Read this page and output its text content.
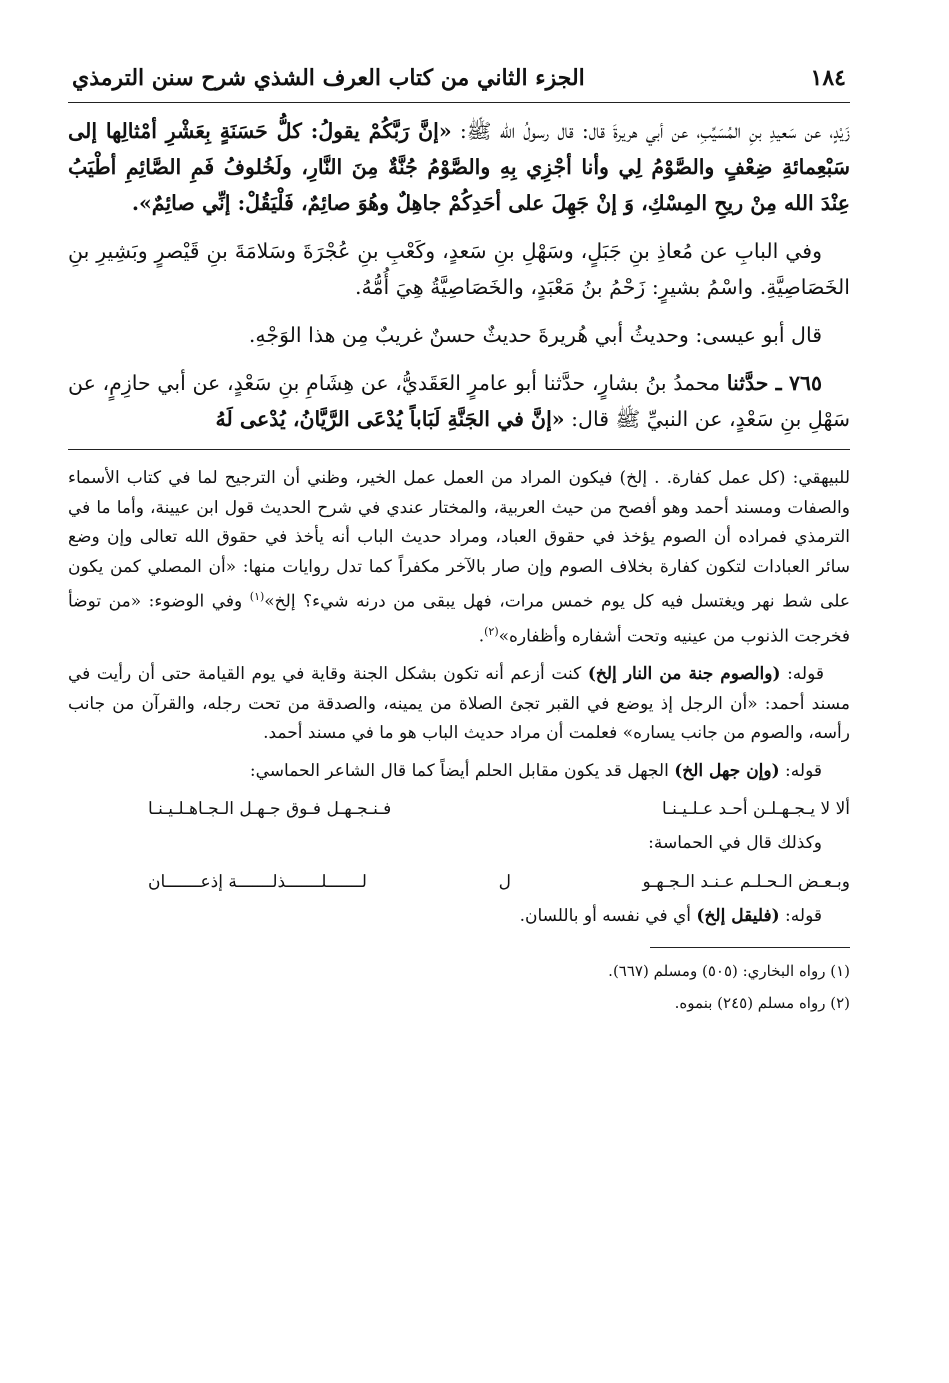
١٨٤
الجزء الثاني من كتاب العرف الشذي شرح سنن الترمذي

زَيْدٍ، عن سَعيدِ بنِ المُسَيِّبِ، عن أبي هريرةَ قال: قال رسولُ الله ﷺ: «إنَّ رَبَّكُمْ يقولُ: كلُّ حَسَنَةٍ بِعَشْرِ أمْثالِها إلى سَبْعِمائةِ ضِعْفٍ والصَّوْمُ لِي وأنا أجْزِي بِهِ والصَّوْمُ جُنَّةٌ مِنَ النَّارِ، ولَخُلوفُ فَمِ الصَّائِمِ أطْيَبُ عِنْدَ الله مِنْ ريحِ المِسْكِ، وَ إنْ جَهِلَ على أحَدِكُمْ جاهِلٌ وهُوَ صائِمٌ، فَلْيَقُلْ: إنِّي صائِمٌ».

وفي البابِ عن مُعاذِ بنِ جَبَلٍ، وسَهْلِ بنِ سَعدٍ، وكَعْبِ بنِ عُجْرَةَ وسَلامَةَ بنِ قَيْصرٍ وبَشِيرِ بنِ الخَصَاصِيَّةِ. واسْمُ بشيرٍ: زَحْمُ بنُ مَعْبَدٍ، والخَصَاصِيَّةُ هِيَ أُمُّهُ.

قال أبو عيسى: وحديثُ أبي هُريرةَ حديثٌ حسنٌ غريبٌ مِن هذا الوَجْهِ.

٧٦٥ ـ حدَّثنا محمدُ بنُ بشارٍ، حدَّثنا أبو عامرٍ العَقَديُّ، عن هِشَامِ بنِ سَعْدٍ، عن أبي حازِمٍ، عن سَهْلِ بنِ سَعْدٍ، عن النبيِّ ﷺ قال: «إنَّ في الجَنَّةِ لَبَاباً يُدْعَى الرَّيَّانُ، يُدْعى لَهُ

للبيهقي: (كل عمل كفارة. . إلخ) فيكون المراد من العمل عمل الخير، وظني أن الترجيح لما في كتاب الأسماء والصفات ومسند أحمد وهو أفصح من حيث العربية، والمختار عندي في شرح الحديث قول ابن عيينة، وأما ما في الترمذي فمراده أن الصوم يؤخذ في حقوق العباد، ومراد حديث الباب أنه يأخذ في حقوق الله تعالى وإن وضع سائر العبادات لتكون كفارة بخلاف الصوم وإن صار بالآخر مكفراً كما تدل روايات منها: «أن المصلي كمن يكون على شط نهر ويغتسل فيه كل يوم خمس مرات، فهل يبقى من درنه شيء؟ إلخ»$^{(١)}$ وفي الوضوء: «من توضأ فخرجت الذنوب من عينيه وتحت أشفاره وأظفاره»$^{(٢)}$.

قوله: (والصوم جنة من النار إلخ) كنت أزعم أنه تكون بشكل الجنة وقاية في يوم القيامة حتى أن رأيت في مسند أحمد: «أن الرجل إذ يوضع في القبر تجئ الصلاة من يمينه، والصدقة من تحت رجله، والقرآن من جانب رأسه، والصوم من جانب يساره» فعلمت أن مراد حديث الباب هو ما في مسند أحمد.

قوله: (وإن جهل الخ) الجهل قد يكون مقابل الحلم أيضاً كما قال الشاعر الحماسي:

ألا لا يـجـهـلـن أحـد عـلـيـنـا
فـنـجـهـل فـوق جـهـل الـجـاهـلـيـنـا

وكذلك قال في الحماسة:

وبـعـض الـحـلـم عـنـد الـجـهـو
ل
لـــــــلـــــــذلـــــــة إذعـــــــان

قوله: (فليقل إلخ) أي في نفسه أو باللسان.

(١) رواه البخاري: (٥٠٥) ومسلم (٦٦٧).

(٢) رواه مسلم (٢٤٥) بنموه.
